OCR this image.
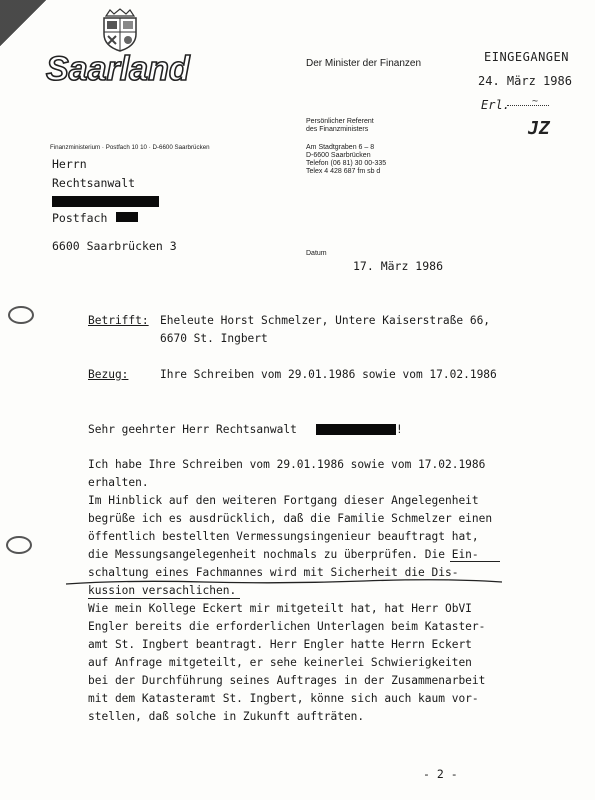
Saarland	Der Minister der Finanzen	EINGEGANGEN
24. März 1986
Erl. ~
JZ
Persönlicher Referent
des Finanzministers
Am Stadtgraben 6 – 8
D-6600 Saarbrücken
Telefon (06 81) 30 00-335
Telex 4 428 687 fm sb d
Finanzministerium · Postfach 10 10 · D-6600 Saarbrücken
Herrn
Rechtsanwalt
Postfach
6600 Saarbrücken 3
Datum
17. März 1986
Betrifft: Eheleute Horst Schmelzer, Untere Kaiserstraße 66,
6670 St. Ingbert
Bezug:	Ihre Schreiben vom 29.01.1986 sowie vom 17.02.1986
Sehr geehrter Herr Rechtsanwalt	!
Ich habe Ihre Schreiben vom 29.01.1986 sowie vom 17.02.1986
erhalten.
Im Hinblick auf den weiteren Fortgang dieser Angelegenheit
begrüße ich es ausdrücklich, daß die Familie Schmelzer einen
öffentlich bestellten Vermessungsingenieur beauftragt hat,
die Messungsangelegenheit nochmals zu überprüfen. Die Ein-
schaltung eines Fachmannes wird mit Sicherheit die Dis-
kussion versachlichen.
Wie mein Kollege Eckert mir mitgeteilt hat, hat Herr ObVI
Engler bereits die erforderlichen Unterlagen beim Kataster-
amt St. Ingbert beantragt. Herr Engler hatte Herrn Eckert
auf Anfrage mitgeteilt, er sehe keinerlei Schwierigkeiten
bei der Durchführung seines Auftrages in der Zusammenarbeit
mit dem Katasteramt St. Ingbert, könne sich auch kaum vor-
stellen, daß solche in Zukunft aufträten.
- 2 -
